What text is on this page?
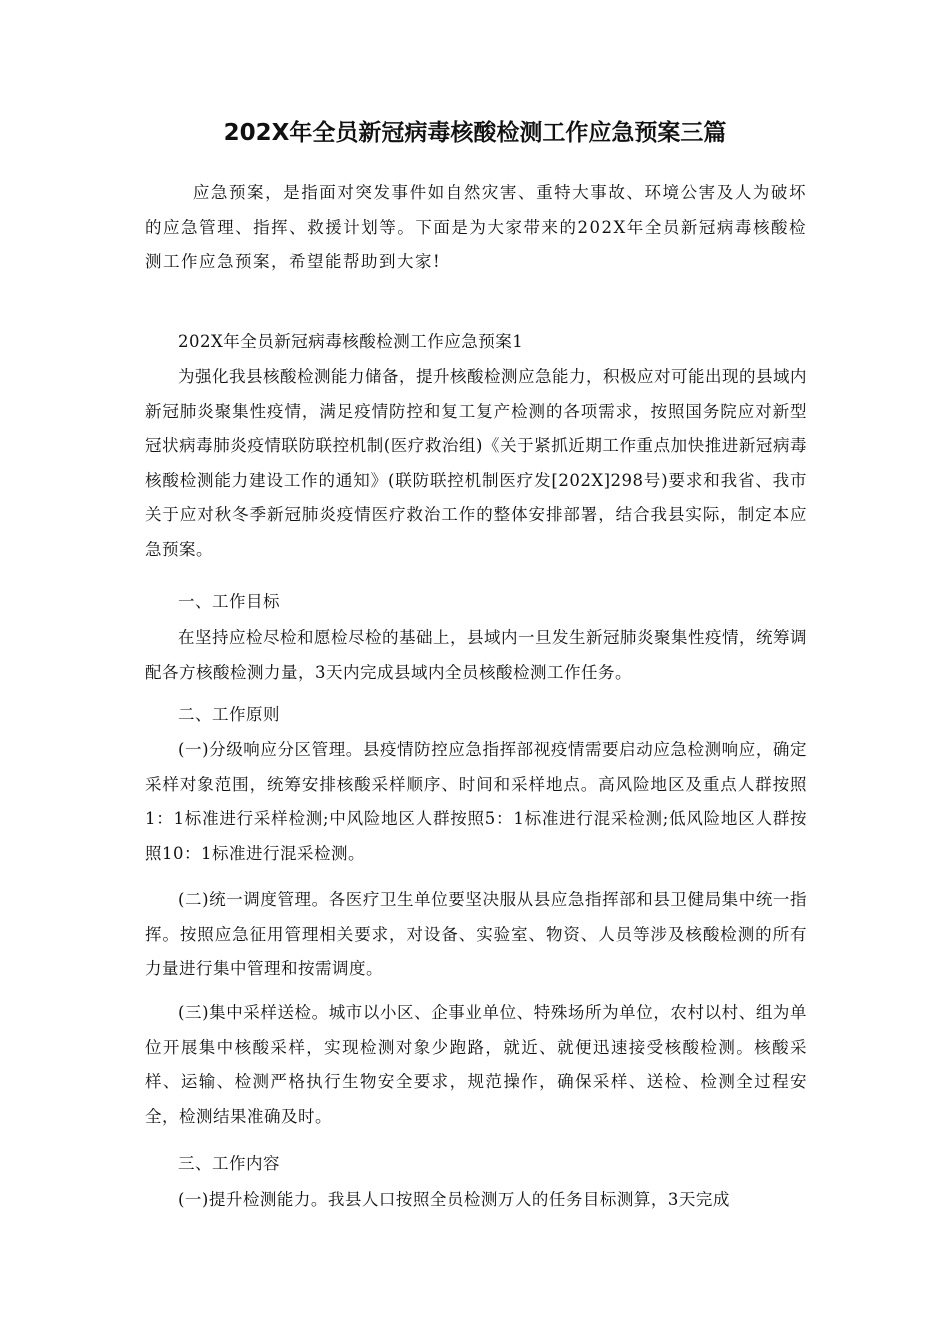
202X年全员新冠病毒核酸检测工作应急预案三篇

应急预案，是指面对突发事件如自然灾害、重特大事故、环境公害及人为破坏的应急管理、指挥、救援计划等。下面是为大家带来的202X年全员新冠病毒核酸检测工作应急预案，希望能帮助到大家!

202X年全员新冠病毒核酸检测工作应急预案1

为强化我县核酸检测能力储备，提升核酸检测应急能力，积极应对可能出现的县域内新冠肺炎聚集性疫情，满足疫情防控和复工复产检测的各项需求，按照国务院应对新型冠状病毒肺炎疫情联防联控机制(医疗救治组)《关于紧抓近期工作重点加快推进新冠病毒核酸检测能力建设工作的通知》(联防联控机制医疗发[202X]298号)要求和我省、我市关于应对秋冬季新冠肺炎疫情医疗救治工作的整体安排部署，结合我县实际，制定本应急预案。

一、工作目标

在坚持应检尽检和愿检尽检的基础上，县域内一旦发生新冠肺炎聚集性疫情，统筹调配各方核酸检测力量，3天内完成县域内全员核酸检测工作任务。

二、工作原则

(一)分级响应分区管理。县疫情防控应急指挥部视疫情需要启动应急检测响应，确定采样对象范围，统筹安排核酸采样顺序、时间和采样地点。高风险地区及重点人群按照1：1标准进行采样检测;中风险地区人群按照5：1标准进行混采检测;低风险地区人群按照10：1标准进行混采检测。

(二)统一调度管理。各医疗卫生单位要坚决服从县应急指挥部和县卫健局集中统一指挥。按照应急征用管理相关要求，对设备、实验室、物资、人员等涉及核酸检测的所有力量进行集中管理和按需调度。

(三)集中采样送检。城市以小区、企事业单位、特殊场所为单位，农村以村、组为单位开展集中核酸采样，实现检测对象少跑路，就近、就便迅速接受核酸检测。核酸采样、运输、检测严格执行生物安全要求，规范操作，确保采样、送检、检测全过程安全，检测结果准确及时。

三、工作内容

(一)提升检测能力。我县人口按照全员检测万人的任务目标测算，3天完成
